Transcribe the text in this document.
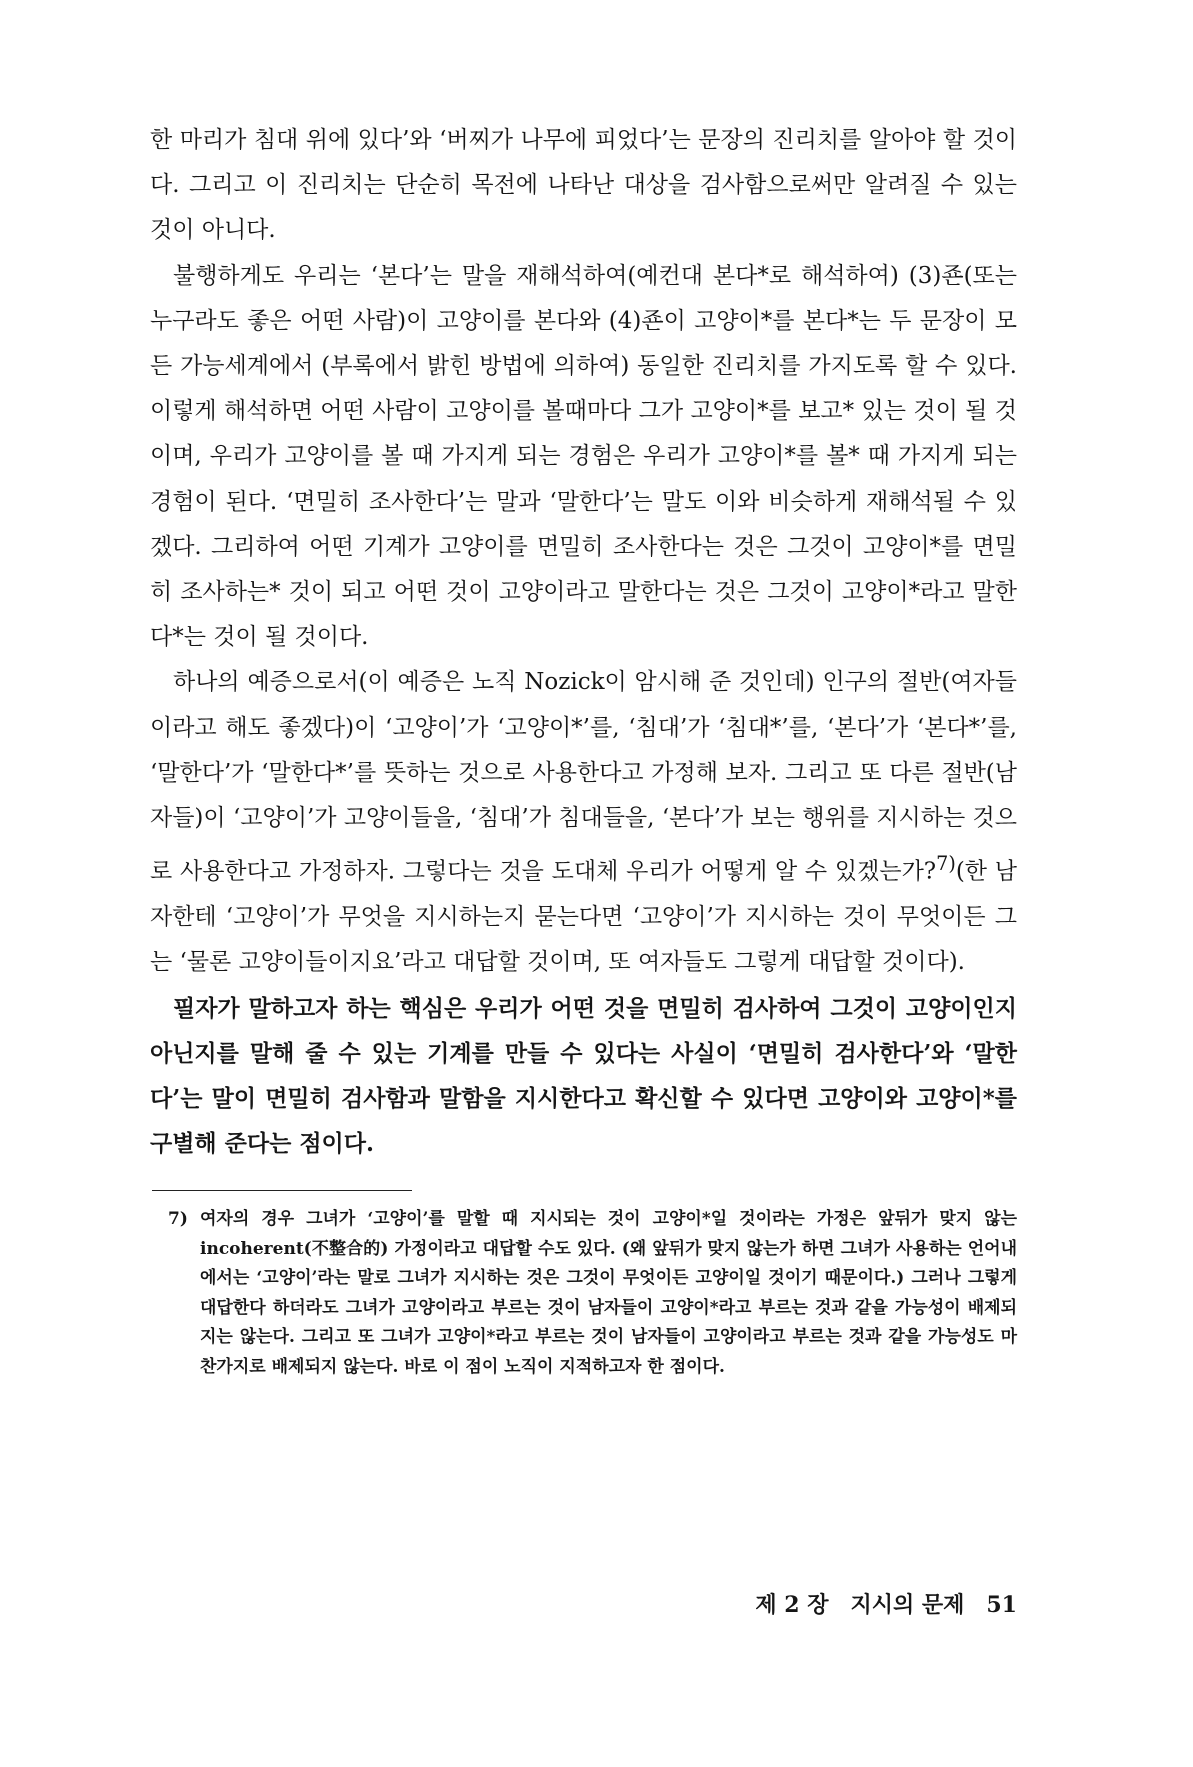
한 마리가 침대 위에 있다’와 ‘버찌가 나무에 피었다’는 문장의 진리치를 알아야 할 것이다. 그리고 이 진리치는 단순히 목전에 나타난 대상을 검사함으로써만 알려질 수 있는 것이 아니다.

불행하게도 우리는 ‘본다’는 말을 재해석하여(예컨대 본다*로 해석하여) (3)죤(또는 누구라도 좋은 어떤 사람)이 고양이를 본다와 (4)죤이 고양이*를 본다*는 두 문장이 모든 가능세계에서 (부록에서 밝힌 방법에 의하여) 동일한 진리치를 가지도록 할 수 있다. 이렇게 해석하면 어떤 사람이 고양이를 볼때마다 그가 고양이*를 보고* 있는 것이 될 것이며, 우리가 고양이를 볼 때 가지게 되는 경험은 우리가 고양이*를 볼* 때 가지게 되는 경험이 된다. ‘면밀히 조사한다’는 말과 ‘말한다’는 말도 이와 비슷하게 재해석될 수 있겠다. 그리하여 어떤 기계가 고양이를 면밀히 조사한다는 것은 그것이 고양이*를 면밀히 조사하는* 것이 되고 어떤 것이 고양이라고 말한다는 것은 그것이 고양이*라고 말한다*는 것이 될 것이다.

하나의 예증으로서(이 예증은 노직 Nozick이 암시해 준 것인데) 인구의 절반(여자들이라고 해도 좋겠다)이 ‘고양이’가 ‘고양이*’를, ‘침대’가 ‘침대*’를, ‘본다’가 ‘본다*’를, ‘말한다’가 ‘말한다*’를 뜻하는 것으로 사용한다고 가정해 보자. 그리고 또 다른 절반(남자들)이 ‘고양이’가 고양이들을, ‘침대’가 침대들을, ‘본다’가 보는 행위를 지시하는 것으로 사용한다고 가정하자. 그렇다는 것을 도대체 우리가 어떻게 알 수 있겠는가?$^{7)}$(한 남자한테 ‘고양이’가 무엇을 지시하는지 묻는다면 ‘고양이’가 지시하는 것이 무엇이든 그는 ‘물론 고양이들이지요’라고 대답할 것이며, 또 여자들도 그렇게 대답할 것이다).

필자가 말하고자 하는 핵심은 우리가 어떤 것을 면밀히 검사하여 그것이 고양이인지 아닌지를 말해 줄 수 있는 기계를 만들 수 있다는 사실이 ‘면밀히 검사한다’와 ‘말한다’는 말이 면밀히 검사함과 말함을 지시한다고 확신할 수 있다면 고양이와 고양이*를 구별해 준다는 점이다.

7) 여자의 경우 그녀가 ‘고양이’를 말할 때 지시되는 것이 고양이*일 것이라는 가정은 앞뒤가 맞지 않는 incoherent(不整合的) 가정이라고 대답할 수도 있다. (왜 앞뒤가 맞지 않는가 하면 그녀가 사용하는 언어내에서는 ‘고양이’라는 말로 그녀가 지시하는 것은 그것이 무엇이든 고양이일 것이기 때문이다.) 그러나 그렇게 대답한다 하더라도 그녀가 고양이라고 부르는 것이 남자들이 고양이*라고 부르는 것과 같을 가능성이 배제되지는 않는다. 그리고 또 그녀가 고양이*라고 부르는 것이 남자들이 고양이라고 부르는 것과 같을 가능성도 마찬가지로 배제되지 않는다. 바로 이 점이 노직이 지적하고자 한 점이다.
제 2 장 지시의 문제 51
